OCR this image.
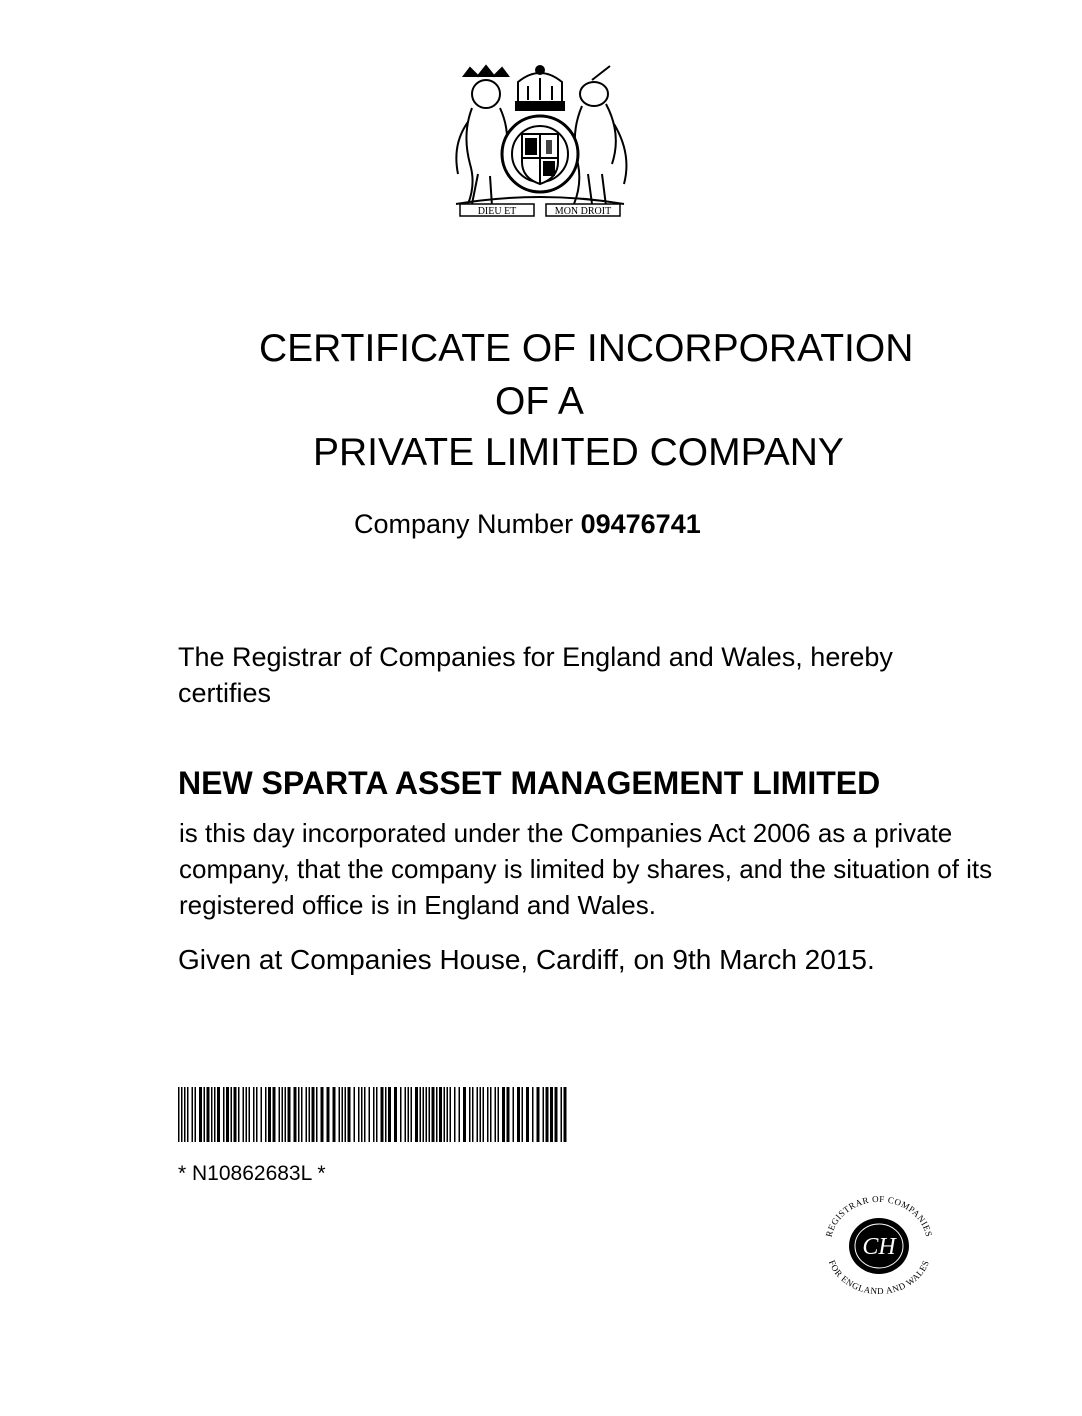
DIEU ET	MON DROIT
CERTIFICATE OF INCORPORATION
OF A
PRIVATE LIMITED COMPANY
Company Number 09476741
The Registrar of Companies for England and Wales, hereby certifies
NEW SPARTA ASSET MANAGEMENT LIMITED
is this day incorporated under the Companies Act 2006 as a private company, that the company is limited by shares, and the situation of its registered office is in England and Wales.
Given at Companies House, Cardiff, on 9th March 2015.
* N10862683L *
REGISTRAR OF COMPANIES
FOR ENGLAND AND WALES
CH
